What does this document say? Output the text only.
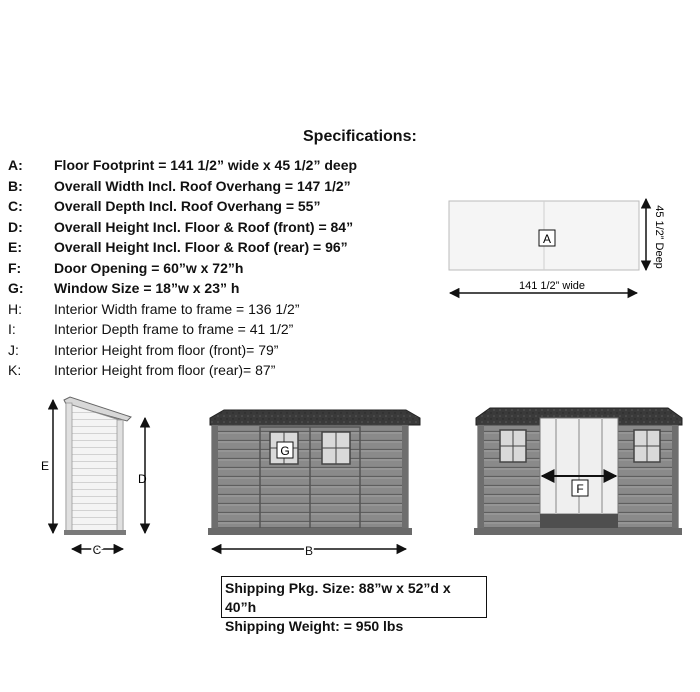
A
141 1/2” wide
45 1/2” Deep
E
D
C
G
B
F
Specifications:
A:	Floor Footprint = 141 1/2” wide x 45 1/2” deep
B:	Overall Width Incl. Roof Overhang = 147 1/2”
C:	Overall Depth Incl. Roof Overhang = 55”
D:	Overall Height Incl. Floor & Roof (front) = 84”
E:	Overall Height Incl. Floor & Roof (rear) = 96”
F:	Door Opening = 60”w x 72”h
G:	Window Size = 18”w x 23” h
H:	Interior Width frame to frame = 136 1/2”
I:	Interior Depth frame to frame = 41 1/2”
J:	Interior Height from floor (front)= 79”
K:	Interior Height from floor (rear)= 87”
Shipping Pkg. Size: 88”w x 52”d x 40”h
Shipping Weight: = 950 lbs
